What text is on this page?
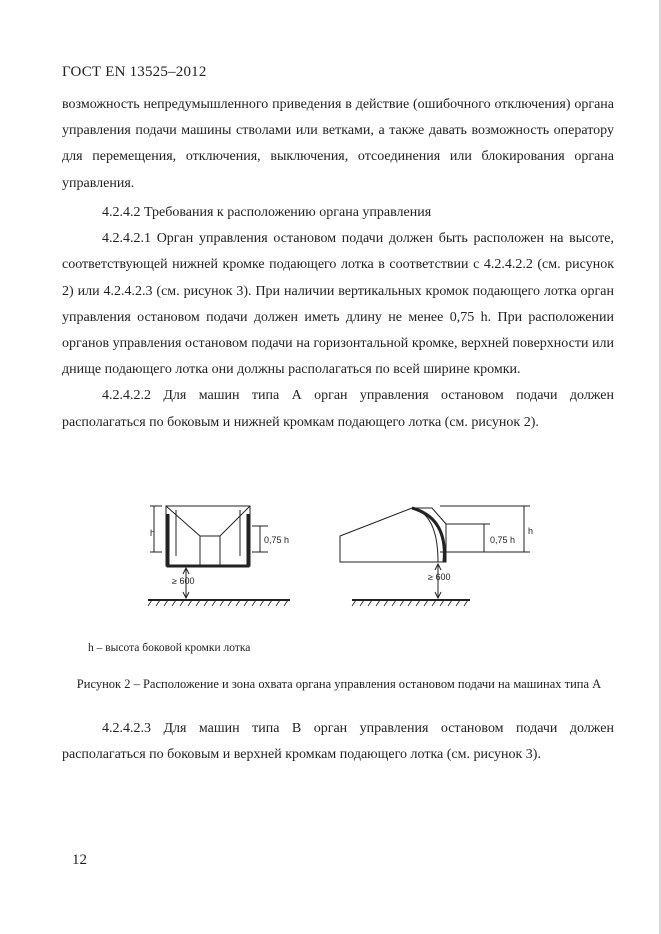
ГОСТ EN 13525–2012

возможность непредумышленного приведения в действие (ошибочного отключения) органа управления подачи машины стволами или ветками, а также давать возможность оператору для перемещения, отключения, выключения, отсоединения или блокирования органа управления.

4.2.4.2 Требования к расположению органа управления

4.2.4.2.1 Орган управления остановом подачи должен быть расположен на высоте, соответствующей нижней кромке подающего лотка в соответствии с 4.2.4.2.2 (см. рисунок 2) или 4.2.4.2.3 (см. рисунок 3). При наличии вертикальных кромок подающего лотка орган управления остановом подачи должен иметь длину не менее 0,75 h. При расположении органов управления остановом подачи на горизонтальной кромке, верхней поверхности или днище подающего лотка они должны располагаться по всей ширине кромки.

4.2.4.2.2 Для машин типа А орган управления остановом подачи должен располагаться по боковым и нижней кромкам подающего лотка (см. рисунок 2).

h
0,75 h
≥ 600
h
0,75 h
≥ 600
h – высота боковой кромки лотка
Рисунок 2 – Расположение и зона охвата органа управления остановом подачи на машинах типа А

4.2.4.2.3 Для машин типа В орган управления остановом подачи должен располагаться по боковым и верхней кромкам подающего лотка (см. рисунок 3).

12
